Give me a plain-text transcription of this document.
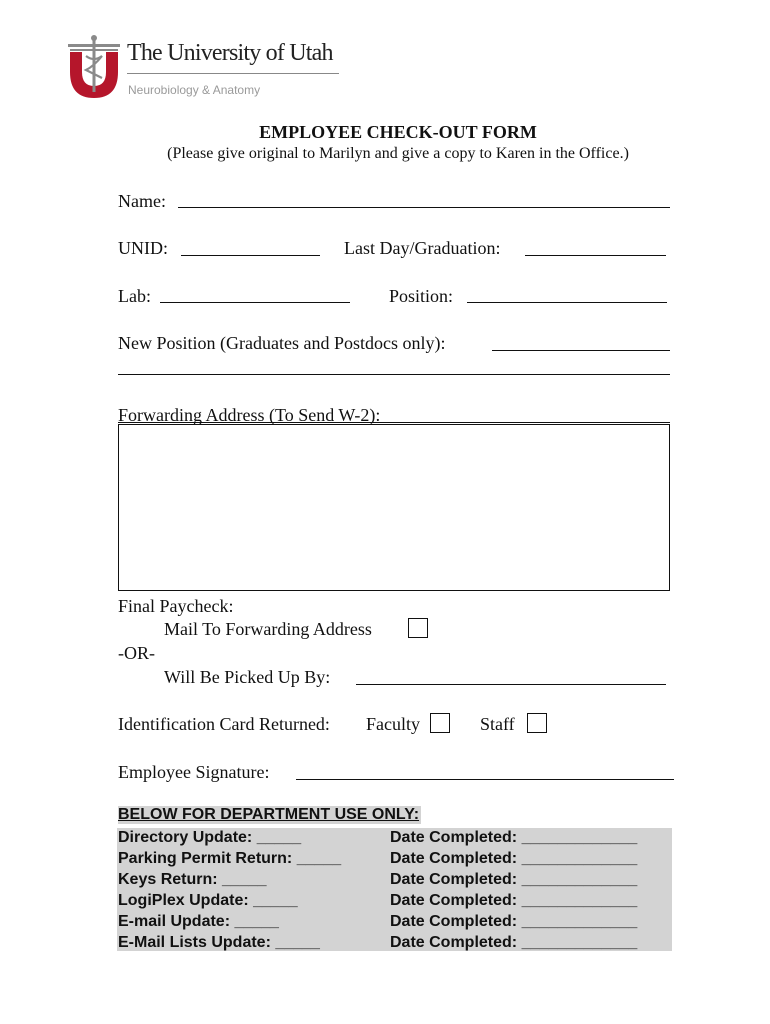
The University of Utah
Neurobiology & Anatomy
EMPLOYEE CHECK-OUT FORM
(Please give original to Marilyn and give a copy to Karen in the Office.)
Name:
UNID:	Last Day/Graduation:
Lab:	Position:
New Position (Graduates and Postdocs only):
Forwarding Address (To Send W-2):
Final Paycheck:
Mail To Forwarding Address
-OR-
Will Be Picked Up By:
Identification Card Returned: Faculty	Staff
Employee Signature:
BELOW FOR DEPARTMENT USE ONLY:
Directory Update: _____	Date Completed: _____________
Parking Permit Return: _____	Date Completed: _____________
Keys Return: _____	Date Completed: _____________
LogiPlex Update: _____	Date Completed: _____________
E-mail Update: _____	Date Completed: _____________
E-Mail Lists Update: _____	Date Completed: _____________
